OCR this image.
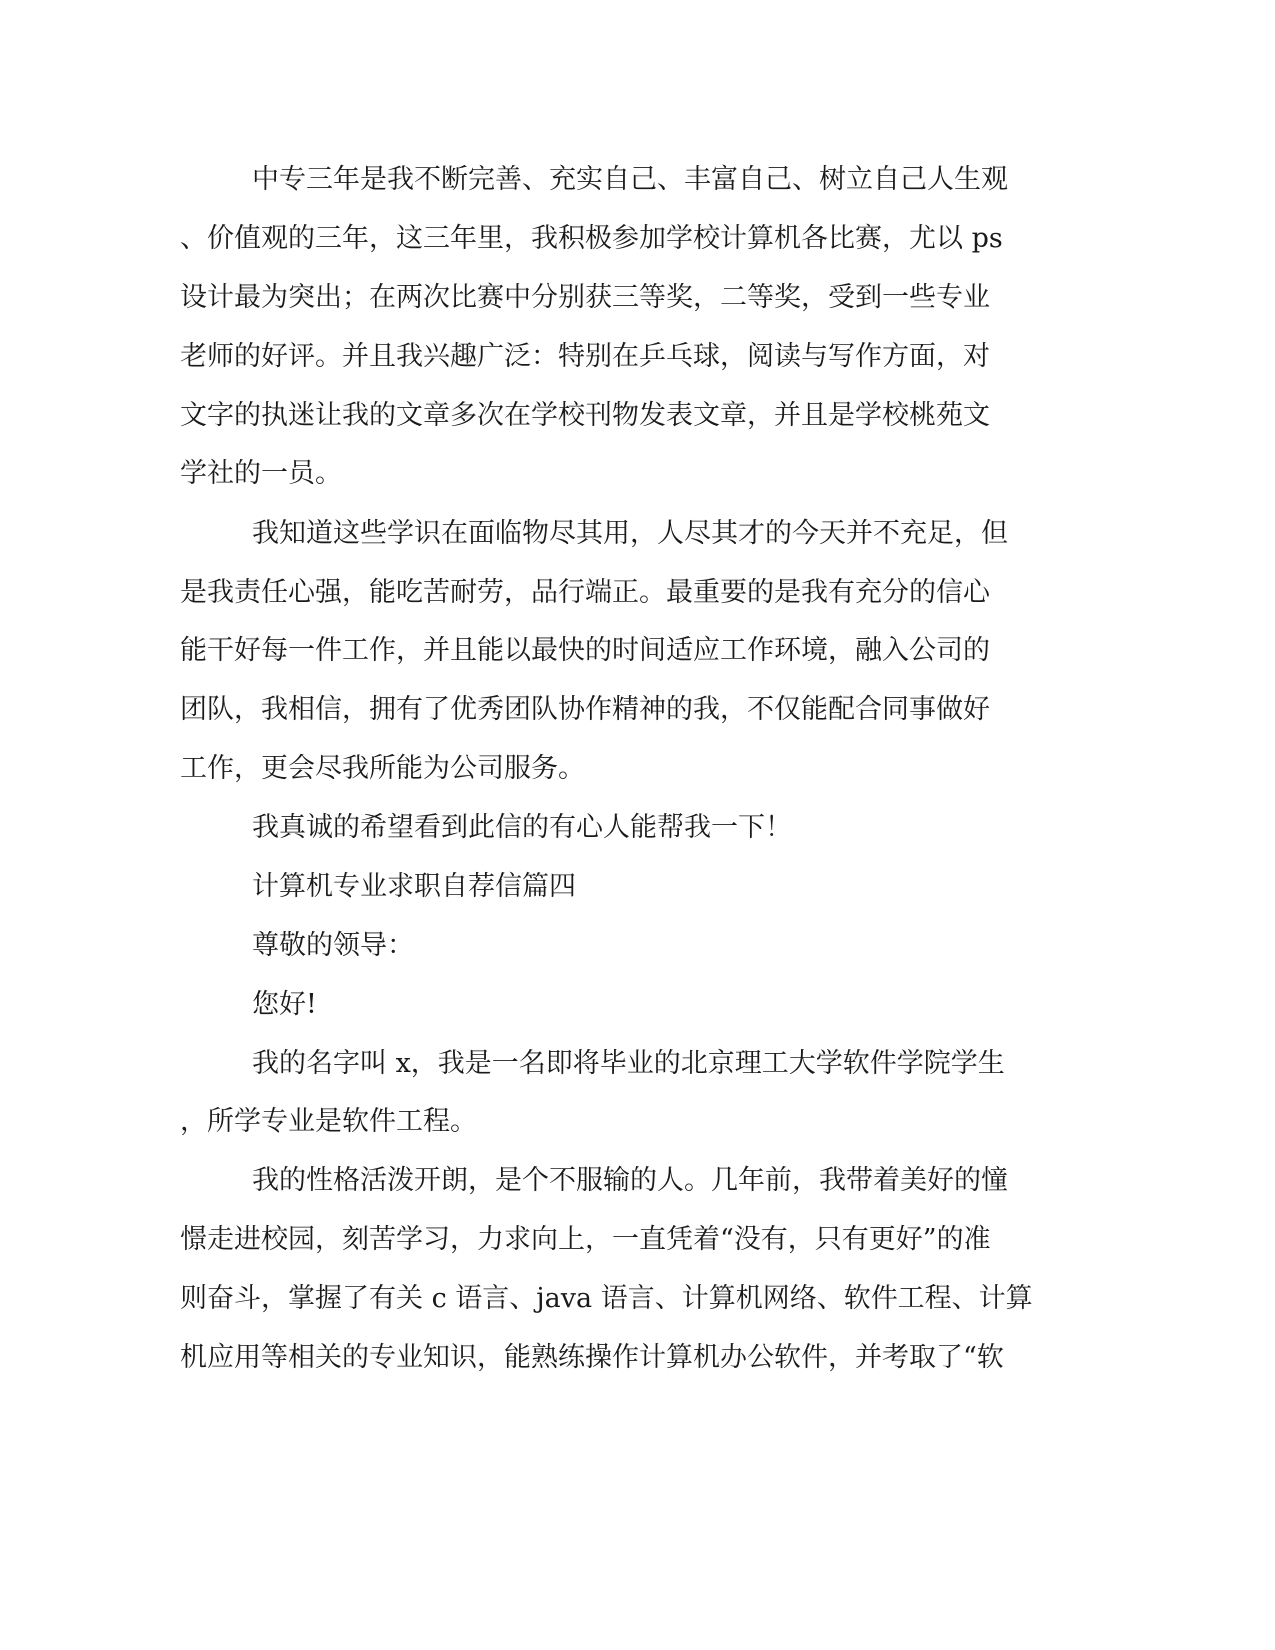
中专三年是我不断完善、充实自己、丰富自己、树立自己人生观

、价值观的三年，这三年里，我积极参加学校计算机各比赛，尤以 ps

设计最为突出；在两次比赛中分别获三等奖，二等奖，受到一些专业

老师的好评。并且我兴趣广泛：特别在乒乓球，阅读与写作方面，对

文字的执迷让我的文章多次在学校刊物发表文章，并且是学校桃苑文

学社的一员。

我知道这些学识在面临物尽其用，人尽其才的今天并不充足，但

是我责任心强，能吃苦耐劳，品行端正。最重要的是我有充分的信心

能干好每一件工作，并且能以最快的时间适应工作环境，融入公司的

团队，我相信，拥有了优秀团队协作精神的我，不仅能配合同事做好

工作，更会尽我所能为公司服务。

我真诚的希望看到此信的有心人能帮我一下！

计算机专业求职自荐信篇四

尊敬的领导：

您好!

我的名字叫 x，我是一名即将毕业的北京理工大学软件学院学生

，所学专业是软件工程。

我的性格活泼开朗，是个不服输的人。几年前，我带着美好的憧

憬走进校园，刻苦学习，力求向上，一直凭着“没有，只有更好”的准

则奋斗，掌握了有关 c 语言、java 语言、计算机网络、软件工程、计算

机应用等相关的专业知识，能熟练操作计算机办公软件，并考取了“软
